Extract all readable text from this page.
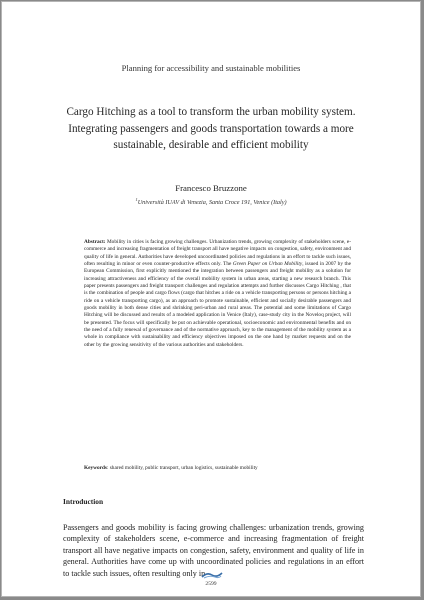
Planning for accessibility and sustainable mobilities
Cargo Hitching as a tool to transform the urban mobility system. Integrating passengers and goods transportation towards a more sustainable, desirable and efficient mobility
Francesco Bruzzone
$^1$Università IUAV di Venezia, Santa Croce 191, Venice (Italy)
Abstract: Mobility in cities is facing growing challenges. Urbanization trends, growing complexity of stakeholders scene, e-commerce and increasing fragmentation of freight transport all have negative impacts on congestion, safety, environment and quality of life in general. Authorities have developed uncoordinated policies and regulations in an effort to tackle such issues, often resulting in minor or even counter-productive effects only. The Green Paper on Urban Mobility, issued in 2007 by the European Commission, first explicitly mentioned the integration between passengers and freight mobility as a solution for increasing attractiveness and efficiency of the overall mobility system in urban areas, starting a new research branch. This paper presents passengers and freight transport challenges and regulation attempts and further discusses Cargo Hitching , that is the combination of people and cargo flows (cargo that hitches a ride on a vehicle transporting persons or persons hitching a ride on a vehicle transporting cargo), as an approach to promote sustainable, efficient and socially desirable passengers and goods mobility in both dense cities and shrinking peri-urban and rural areas. The potential and some limitations of Cargo Hitching will be discussed and results of a modeled application in Venice (Italy), case-study city in the Noveloq project, will be presented. The focus will specifically be put on achievable operational, socioeconomic and environmental benefits and on the need of a fully renewal of governance and of the normative approach, key to the management of the mobility system as a whole in compliance with sustainability and efficiency objectives imposed on the one hand by market requests and on the other by the growing sensitivity of the various authorities and stakeholders.
Keywords: shared mobility, public transport, urban logistics, sustainable mobility
Introduction
Passengers and goods mobility is facing growing challenges: urbanization trends, growing complexity of stakeholders scene, e-commerce and increasing fragmentation of freight transport all have negative impacts on congestion, safety, environment and quality of life in general. Authorities have come up with uncoordinated policies and regulations in an effort to tackle such issues, often resulting only in
2599
